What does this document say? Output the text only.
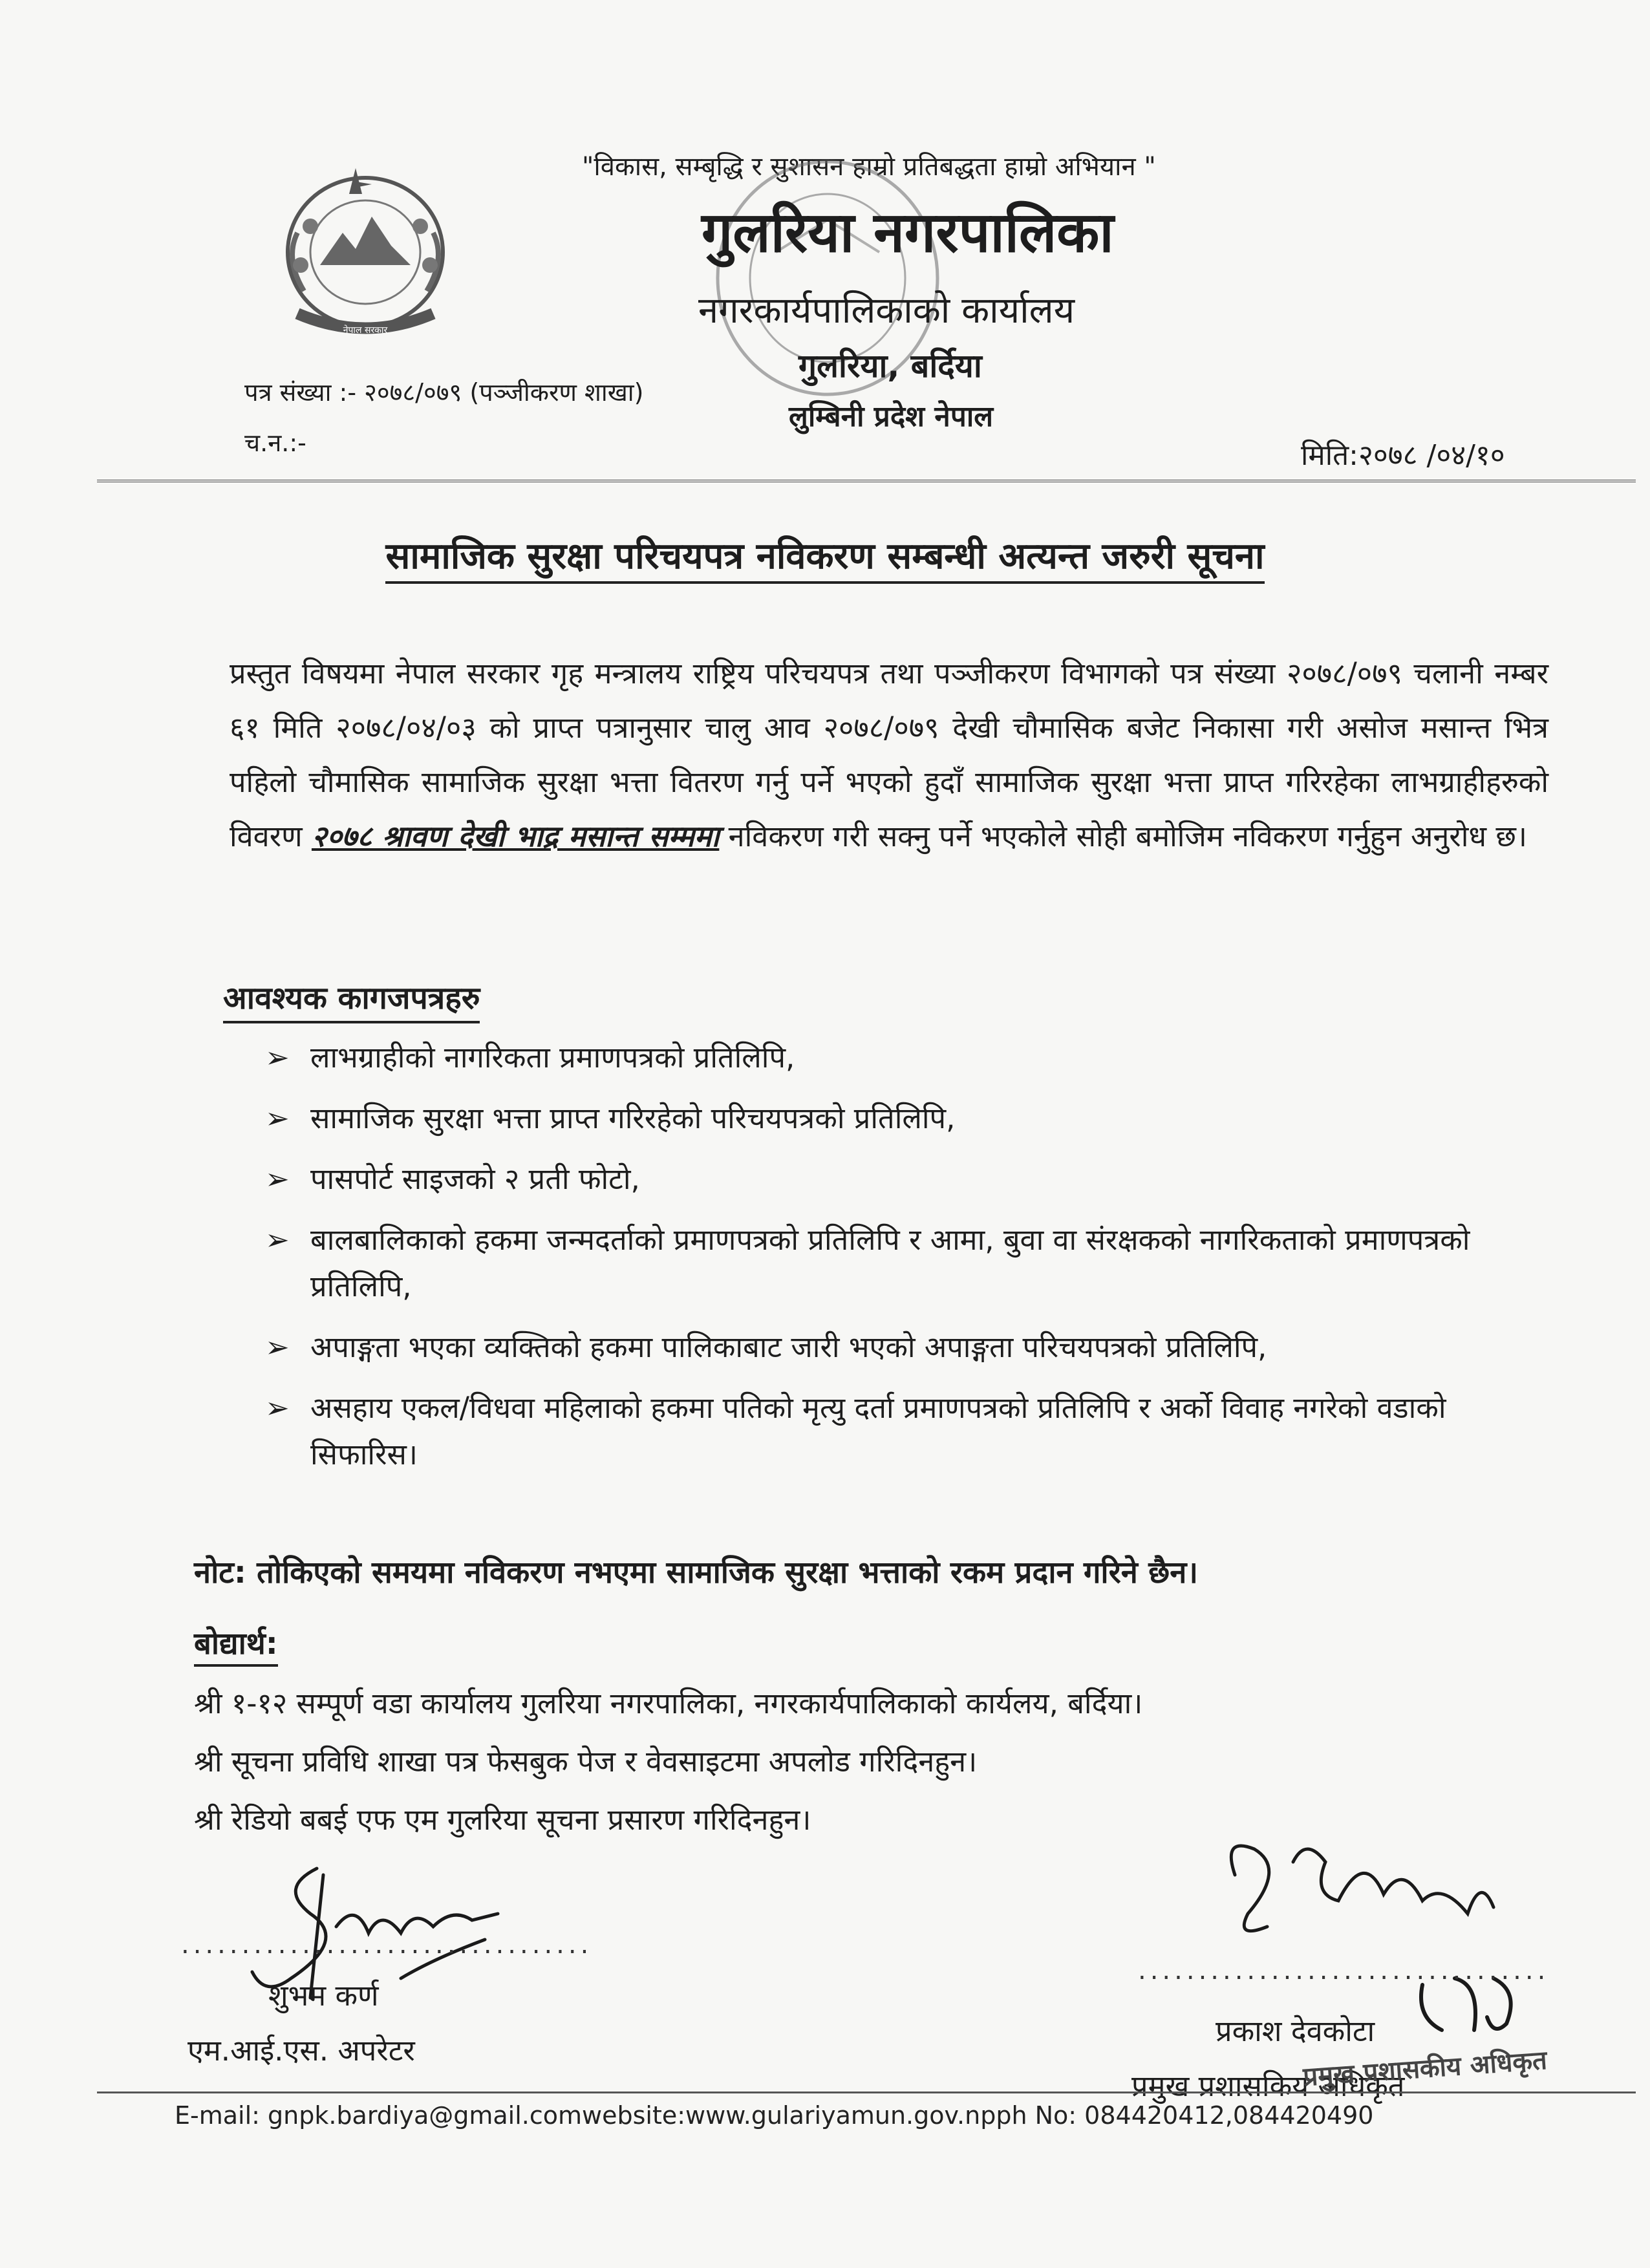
"विकास, सम्बृद्धि र सुशासन हाम्रो प्रतिबद्धता हाम्रो अभियान "
नेपाल सरकार
गुलरिया नगरपालिका
नगरकार्यपालिकाको कार्यालय
गुलरिया, बर्दिया
लुम्बिनी प्रदेश नेपाल
पत्र संख्या :- २०७८/०७९ (पञ्जीकरण शाखा)
च.न.:-	मिति:२०७८ /०४/१०
सामाजिक सुरक्षा परिचयपत्र नविकरण सम्बन्धी अत्यन्त जरुरी सूचना
प्रस्तुत विषयमा नेपाल सरकार गृह मन्त्रालय राष्ट्रिय परिचयपत्र तथा पञ्जीकरण विभागको पत्र संख्या २०७८/०७९ चलानी नम्बर ६१ मिति २०७८/०४/०३ को प्राप्त पत्रानुसार चालु आव २०७८/०७९ देखी चौमासिक बजेट निकासा गरी असोज मसान्त भित्र पहिलो चौमासिक सामाजिक सुरक्षा भत्ता वितरण गर्नु पर्ने भएको हुदाँ सामाजिक सुरक्षा भत्ता प्राप्त गरिरहेका लाभग्राहीहरुको विवरण २०७८ श्रावण देखी भाद्र मसान्त सम्ममा नविकरण गरी सक्नु पर्ने भएकोले सोही बमोजिम नविकरण गर्नुहुन अनुरोध छ।
आवश्यक कागजपत्रहरु
➢ लाभग्राहीको नागरिकता प्रमाणपत्रको प्रतिलिपि,
➢ सामाजिक सुरक्षा भत्ता प्राप्त गरिरहेको परिचयपत्रको प्रतिलिपि,
➢ पासपोर्ट साइजको २ प्रती फोटो,
➢ बालबालिकाको हकमा जन्मदर्ताको प्रमाणपत्रको प्रतिलिपि र आमा, बुवा वा संरक्षकको नागरिकताको प्रमाणपत्रको प्रतिलिपि,
➢ अपाङ्गता भएका व्यक्तिको हकमा पालिकाबाट जारी भएको अपाङ्गता परिचयपत्रको प्रतिलिपि,
➢ असहाय एकल/विधवा महिलाको हकमा पतिको मृत्यु दर्ता प्रमाणपत्रको प्रतिलिपि र अर्को विवाह नगरेको वडाको सिफारिस।
नोट: तोकिएको समयमा नविकरण नभएमा सामाजिक सुरक्षा भत्ताको रकम प्रदान गरिने छैन।
बोद्यार्थ:
श्री १-१२ सम्पूर्ण वडा कार्यालय गुलरिया नगरपालिका, नगरकार्यपालिकाको कार्यलय, बर्दिया।
श्री सूचना प्रविधि शाखा पत्र फेसबुक पेज र वेवसाइटमा अपलोड गरिदिनहुन।
श्री रेडियो बबई एफ एम गुलरिया सूचना प्रसारण गरिदिनहुन।
..................................
शुभम कर्ण
एम.आई.एस. अपरेटर
..................................
प्रकाश देवकोटा
प्रमुख प्रशासकिय अधिकृत
प्रमुख प्रशासकीय अधिकृत
E-mail: gnpk.bardiya@gmail.comwebsite:www.gulariyamun.gov.npph No: 084420412,084420490
